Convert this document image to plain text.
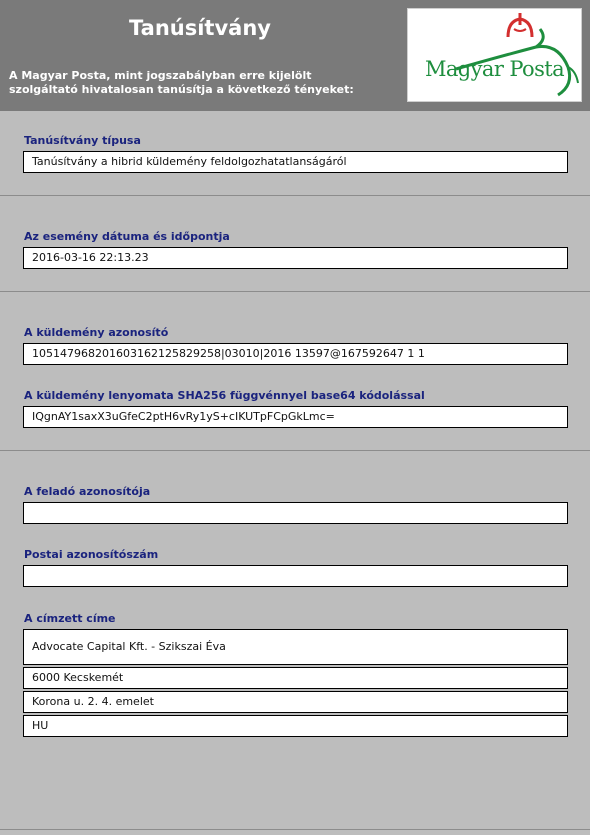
Tanúsítvány
A Magyar Posta, mint jogszabályban erre kijelölt szolgáltató hivatalosan tanúsítja a következő tényeket:
Magyar Posta
Tanúsítvány típusa
Tanúsítvány a hibrid küldemény feldolgozhatatlanságáról
Az esemény dátuma és időpontja
2016-03-16 22:13.23
A küldemény azonosító
105147968201603162125829258|03010|2016 13597@167592647 1 1
A küldemény lenyomata SHA256 függvénnyel base64 kódolással
IQgnAY1saxX3uGfeC2ptH6vRy1yS+cIKUTpFCpGkLmc=
A feladó azonosítója
Postai azonosítószám
A címzett címe
Advocate Capital Kft. - Szikszai Éva
6000 Kecskemét
Korona u. 2. 4. emelet
HU
